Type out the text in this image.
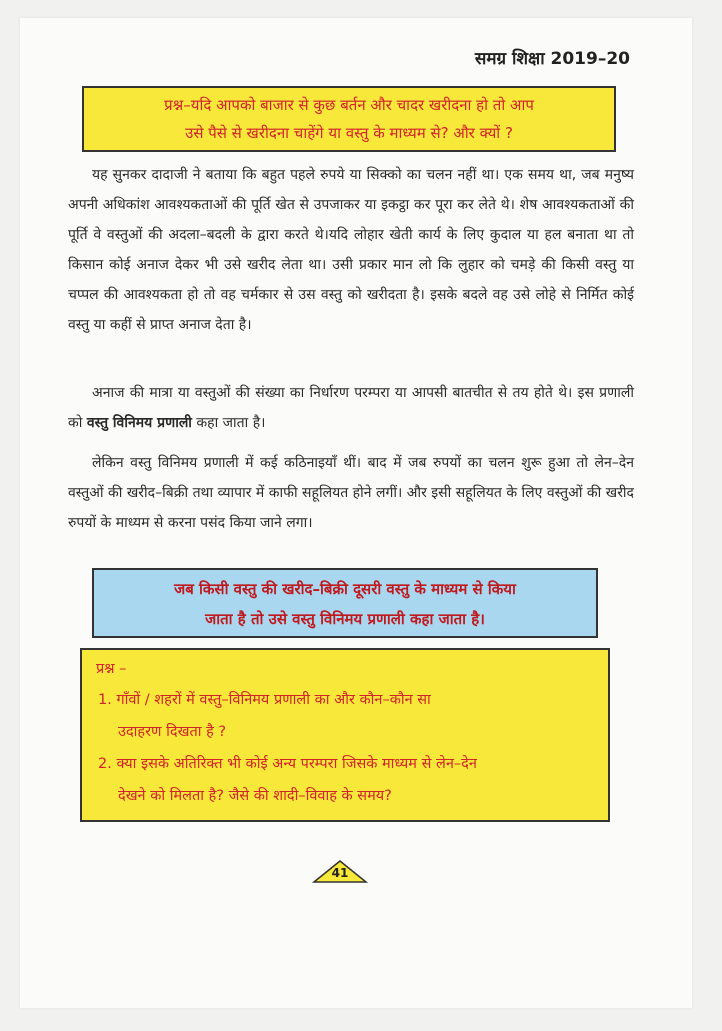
समग्र शिक्षा 2019–20
प्रश्न–यदि आपको बाजार से कुछ बर्तन और चादर खरीदना हो तो आप
उसे पैसे से खरीदना चाहेंगे या वस्तु के माध्यम से? और क्यों ?
यह सुनकर दादाजी ने बताया कि बहुत पहले रुपये या सिक्को का चलन नहीं था। एक समय था, जब मनुष्य अपनी अधिकांश आवश्यकताओं की पूर्ति खेत से उपजाकर या इकट्ठा कर पूरा कर लेते थे। शेष आवश्यकताओं की पूर्ति वे वस्तुओं की अदला–बदली के द्वारा करते थे।यदि लोहार खेती कार्य के लिए कुदाल या हल बनाता था तो किसान कोई अनाज देकर भी उसे खरीद लेता था। उसी प्रकार मान लो कि लुहार को चमड़े की किसी वस्तु या चप्पल की आवश्यकता हो तो वह चर्मकार से उस वस्तु को खरीदता है। इसके बदले वह उसे लोहे से निर्मित कोई वस्तु या कहीं से प्राप्त अनाज देता है।
अनाज की मात्रा या वस्तुओं की संख्या का निर्धारण परम्परा या आपसी बातचीत से तय होते थे। इस प्रणाली को वस्तु विनिमय प्रणाली कहा जाता है।
लेकिन वस्तु विनिमय प्रणाली में कई कठिनाइयाँ थीं। बाद में जब रुपयों का चलन शुरू हुआ तो लेन–देन वस्तुओं की खरीद–बिक्री तथा व्यापार में काफी सहूलियत होने लगीं। और इसी सहूलियत के लिए वस्तुओं की खरीद रुपयों के माध्यम से करना पसंद किया जाने लगा।
जब किसी वस्तु की खरीद–बिक्री दूसरी वस्तु के माध्यम से किया
जाता है तो उसे वस्तु विनिमय प्रणाली कहा जाता है।
प्रश्न –
1. गाँवों / शहरों में वस्तु–विनिमय प्रणाली का और कौन–कौन सा
उदाहरण दिखता है ?
2. क्या इसके अतिरिक्त भी कोई अन्य परम्परा जिसके माध्यम से लेन–देन
देखने को मिलता है? जैसे की शादी–विवाह के समय?
41
